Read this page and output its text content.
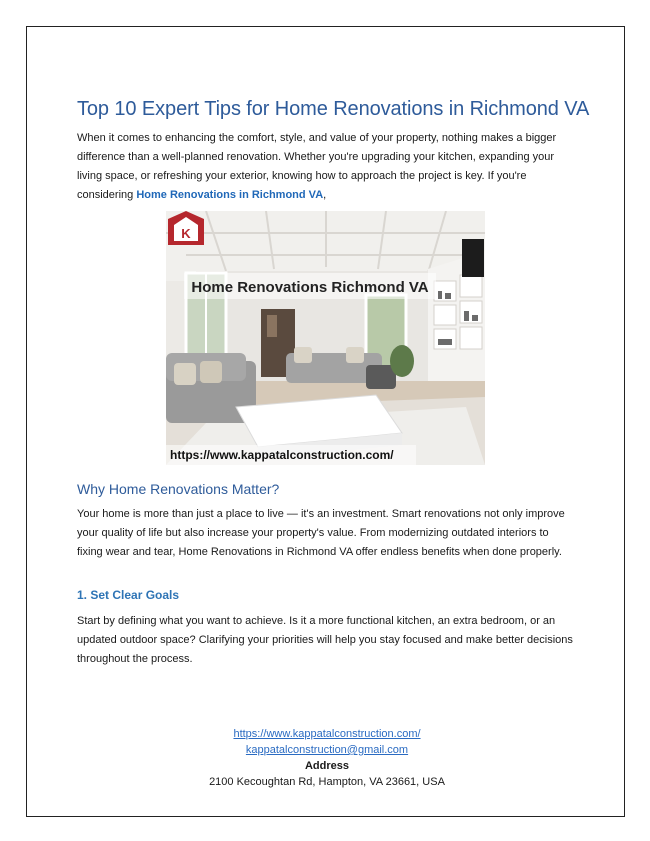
Top 10 Expert Tips for Home Renovations in Richmond VA

When it comes to enhancing the comfort, style, and value of your property, nothing makes a bigger difference than a well-planned renovation. Whether you're upgrading your kitchen, expanding your living space, or refreshing your exterior, knowing how to approach the project is key. If you're considering Home Renovations in Richmond VA,

K
Home Renovations Richmond VA
https://www.kappatalconstruction.com/
Why Home Renovations Matter?

Your home is more than just a place to live — it's an investment. Smart renovations not only improve your quality of life but also increase your property's value. From modernizing outdated interiors to fixing wear and tear, Home Renovations in Richmond VA offer endless benefits when done properly.

1. Set Clear Goals

Start by defining what you want to achieve. Is it a more functional kitchen, an extra bedroom, or an updated outdoor space? Clarifying your priorities will help you stay focused and make better decisions throughout the process.

https://www.kappatalconstruction.com/
kappatalconstruction@gmail.com
Address
2100 Kecoughtan Rd, Hampton, VA 23661, USA
